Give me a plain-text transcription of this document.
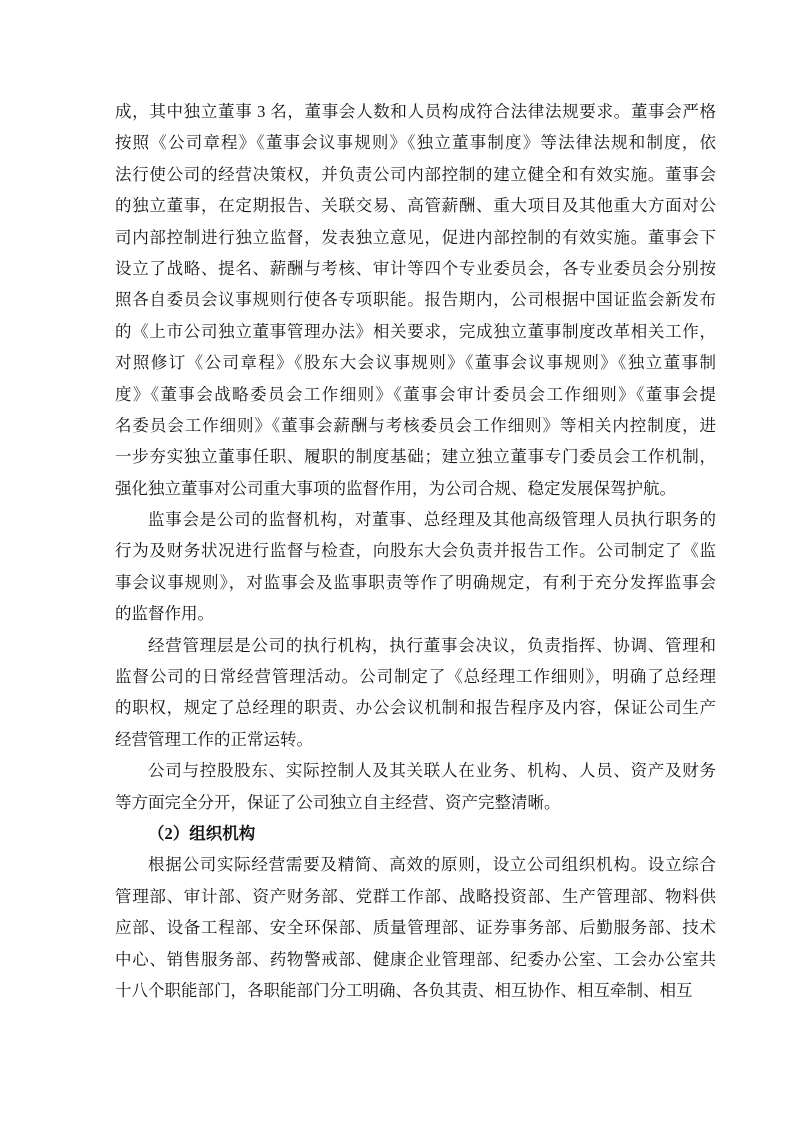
成，其中独立董事 3 名，董事会人数和人员构成符合法律法规要求。董事会严格
按照《公司章程》《董事会议事规则》《独立董事制度》等法律法规和制度，依
法行使公司的经营决策权，并负责公司内部控制的建立健全和有效实施。董事会
的独立董事，在定期报告、关联交易、高管薪酬、重大项目及其他重大方面对公
司内部控制进行独立监督，发表独立意见，促进内部控制的有效实施。董事会下
设立了战略、提名、薪酬与考核、审计等四个专业委员会，各专业委员会分别按
照各自委员会议事规则行使各专项职能。报告期内，公司根据中国证监会新发布
的《上市公司独立董事管理办法》相关要求，完成独立董事制度改革相关工作，
对照修订《公司章程》《股东大会议事规则》《董事会议事规则》《独立董事制
度》《董事会战略委员会工作细则》《董事会审计委员会工作细则》《董事会提
名委员会工作细则》《董事会薪酬与考核委员会工作细则》等相关内控制度，进
一步夯实独立董事任职、履职的制度基础；建立独立董事专门委员会工作机制，
强化独立董事对公司重大事项的监督作用，为公司合规、稳定发展保驾护航。
监事会是公司的监督机构，对董事、总经理及其他高级管理人员执行职务的
行为及财务状况进行监督与检查，向股东大会负责并报告工作。公司制定了《监
事会议事规则》，对监事会及监事职责等作了明确规定，有利于充分发挥监事会
的监督作用。
经营管理层是公司的执行机构，执行董事会决议，负责指挥、协调、管理和
监督公司的日常经营管理活动。公司制定了《总经理工作细则》，明确了总经理
的职权，规定了总经理的职责、办公会议机制和报告程序及内容，保证公司生产
经营管理工作的正常运转。
公司与控股股东、实际控制人及其关联人在业务、机构、人员、资产及财务
等方面完全分开，保证了公司独立自主经营、资产完整清晰。
（2）组织机构
根据公司实际经营需要及精简、高效的原则，设立公司组织机构。设立综合
管理部、审计部、资产财务部、党群工作部、战略投资部、生产管理部、物料供
应部、设备工程部、安全环保部、质量管理部、证券事务部、后勤服务部、技术
中心、销售服务部、药物警戒部、健康企业管理部、纪委办公室、工会办公室共
十八个职能部门，各职能部门分工明确、各负其责、相互协作、相互牵制、相互
